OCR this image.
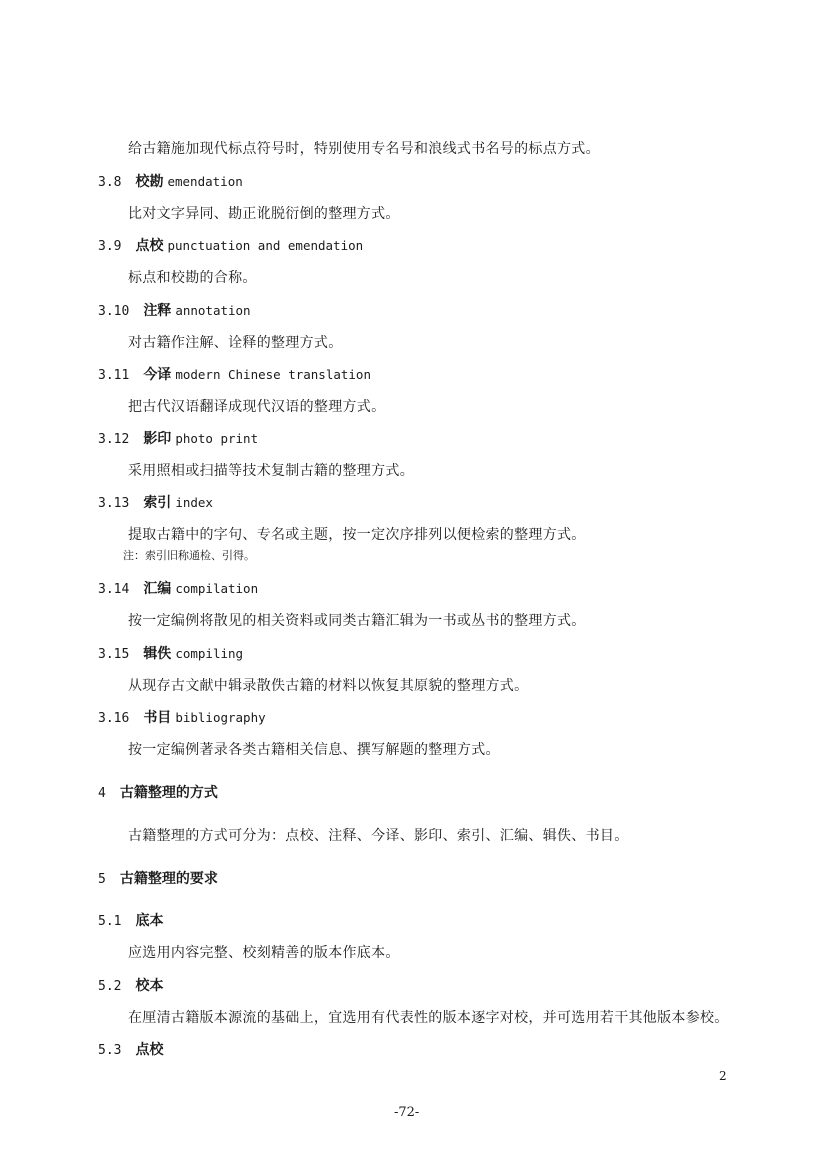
给古籍施加现代标点符号时，特别使用专名号和浪线式书名号的标点方式。
3.8 校勘 emendation
比对文字异同、勘正讹脱衍倒的整理方式。
3.9 点校 punctuation and emendation
标点和校勘的合称。
3.10 注释 annotation
对古籍作注解、诠释的整理方式。
3.11 今译 modern Chinese translation
把古代汉语翻译成现代汉语的整理方式。
3.12 影印 photo print
采用照相或扫描等技术复制古籍的整理方式。
3.13 索引 index
提取古籍中的字句、专名或主题，按一定次序排列以便检索的整理方式。
注：索引旧称通检、引得。
3.14 汇编 compilation
按一定编例将散见的相关资料或同类古籍汇辑为一书或丛书的整理方式。
3.15 辑佚 compiling
从现存古文献中辑录散佚古籍的材料以恢复其原貌的整理方式。
3.16 书目 bibliography
按一定编例著录各类古籍相关信息、撰写解题的整理方式。
4 古籍整理的方式
古籍整理的方式可分为：点校、注释、今译、影印、索引、汇编、辑佚、书目。
5 古籍整理的要求
5.1 底本
应选用内容完整、校刻精善的版本作底本。
5.2 校本
在厘清古籍版本源流的基础上，宜选用有代表性的版本逐字对校，并可选用若干其他版本参校。
5.3 点校
2
-72-
